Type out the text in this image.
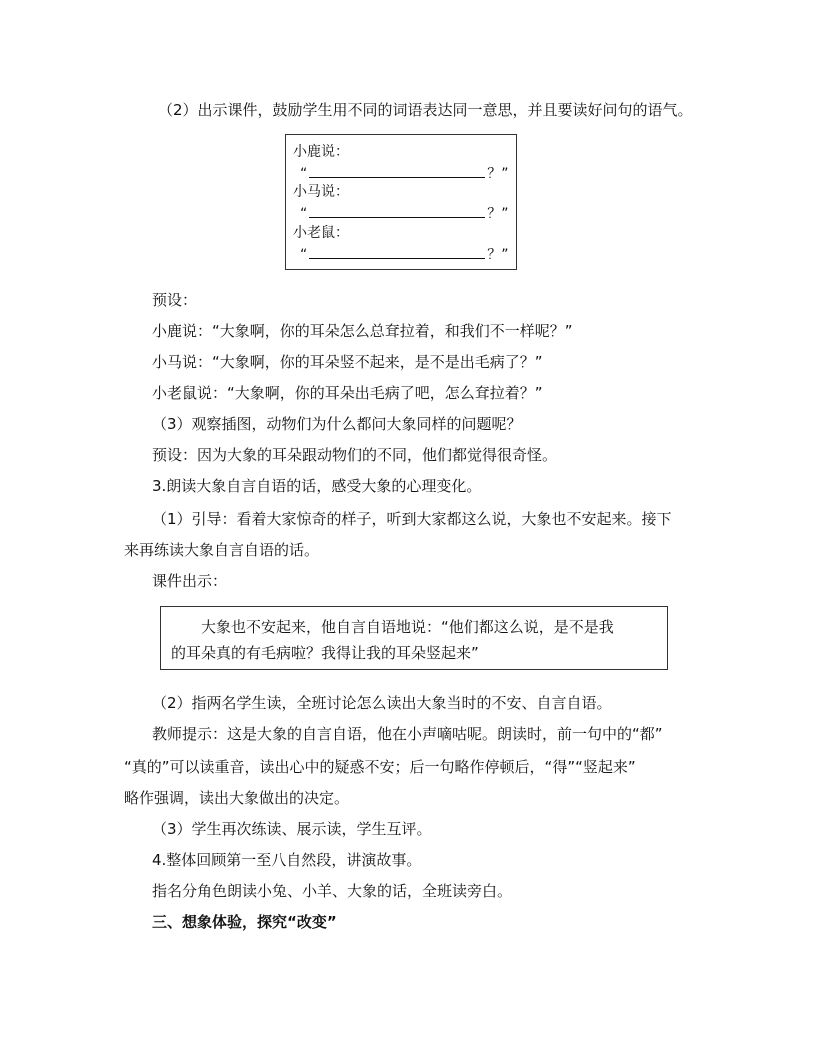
（2）出示课件，鼓励学生用不同的词语表达同一意思，并且要读好问句的语气。
小鹿说：
“	？”
小马说：
“	？”
小老鼠：
“	？”
预设：
小鹿说：“大象啊，你的耳朵怎么总耷拉着，和我们不一样呢？”
小马说：“大象啊，你的耳朵竖不起来，是不是出毛病了？”
小老鼠说：“大象啊，你的耳朵出毛病了吧，怎么耷拉着？”
（3）观察插图，动物们为什么都问大象同样的问题呢？
预设：因为大象的耳朵跟动物们的不同，他们都觉得很奇怪。
3.朗读大象自言自语的话，感受大象的心理变化。
（1）引导：看着大家惊奇的样子，听到大家都这么说，大象也不安起来。接下
来再练读大象自言自语的话。
课件出示：
大象也不安起来，他自言自语地说：“他们都这么说，是不是我
的耳朵真的有毛病啦？我得让我的耳朵竖起来”
（2）指两名学生读，全班讨论怎么读出大象当时的不安、自言自语。
教师提示：这是大象的自言自语，他在小声嘀咕呢。朗读时，前一句中的“都”
“真的”可以读重音，读出心中的疑惑不安；后一句略作停顿后，“得”“竖起来”
略作强调，读出大象做出的决定。
（3）学生再次练读、展示读，学生互评。
4.整体回顾第一至八自然段，讲演故事。
指名分角色朗读小兔、小羊、大象的话，全班读旁白。
三、想象体验，探究“改变”
